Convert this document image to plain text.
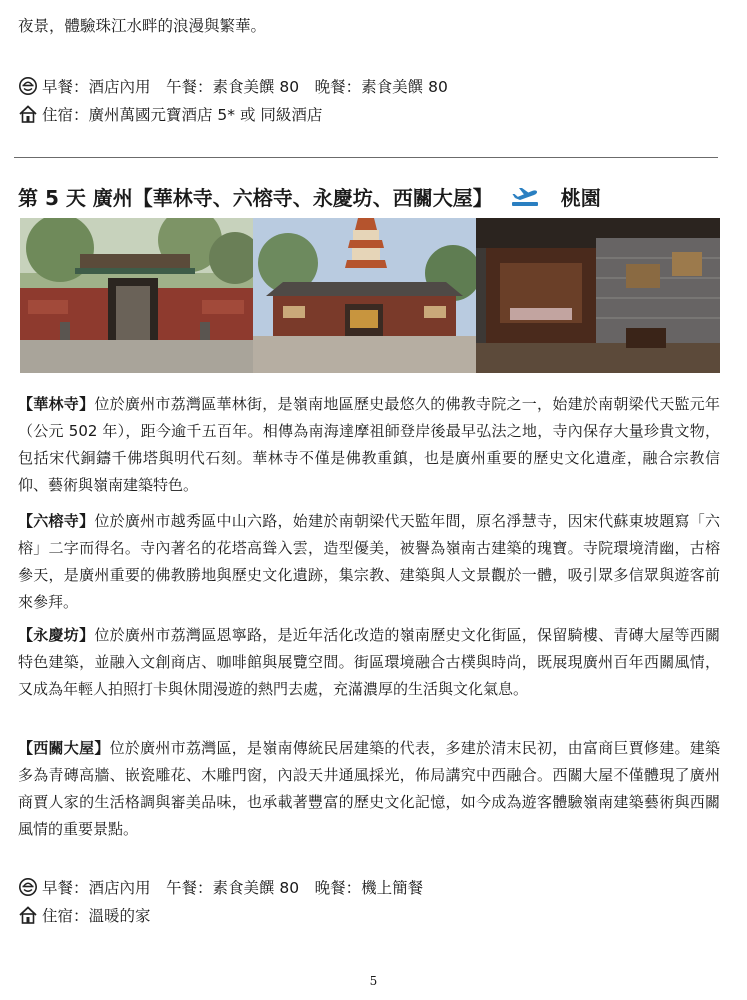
夜景，體驗珠江水畔的浪漫與繁華。
早餐：酒店內用　午餐：素食美饌 80　晚餐：素食美饌 80
住宿：廣州萬國元寶酒店 5* 或 同級酒店
第 5 天 廣州【華林寺、六榕寺、永慶坊、西關大屋】	桃園
【華林寺】位於廣州市荔灣區華林街，是嶺南地區歷史最悠久的佛教寺院之一，始建於南朝梁代天監元年（公元 502 年），距今逾千五百年。相傳為南海達摩祖師登岸後最早弘法之地，寺內保存大量珍貴文物，包括宋代銅鑄千佛塔與明代石刻。華林寺不僅是佛教重鎮，也是廣州重要的歷史文化遺產，融合宗教信仰、藝術與嶺南建築特色。
【六榕寺】位於廣州市越秀區中山六路，始建於南朝梁代天監年間，原名淨慧寺，因宋代蘇東坡題寫「六榕」二字而得名。寺內著名的花塔高聳入雲，造型優美，被譽為嶺南古建築的瑰寶。寺院環境清幽，古榕參天，是廣州重要的佛教勝地與歷史文化遺跡，集宗教、建築與人文景觀於一體，吸引眾多信眾與遊客前來參拜。
【永慶坊】位於廣州市荔灣區恩寧路，是近年活化改造的嶺南歷史文化街區，保留騎樓、青磚大屋等西關特色建築，並融入文創商店、咖啡館與展覽空間。街區環境融合古樸與時尚，既展現廣州百年西關風情，又成為年輕人拍照打卡與休閒漫遊的熱門去處，充滿濃厚的生活與文化氣息。
【西關大屋】位於廣州市荔灣區，是嶺南傳統民居建築的代表，多建於清末民初，由富商巨賈修建。建築多為青磚高牆、嵌瓷雕花、木雕門窗，內設天井通風採光，佈局講究中西融合。西關大屋不僅體現了廣州商賈人家的生活格調與審美品味，也承載著豐富的歷史文化記憶，如今成為遊客體驗嶺南建築藝術與西關風情的重要景點。
早餐：酒店內用　午餐：素食美饌 80　晚餐：機上簡餐
住宿：溫暖的家
5
